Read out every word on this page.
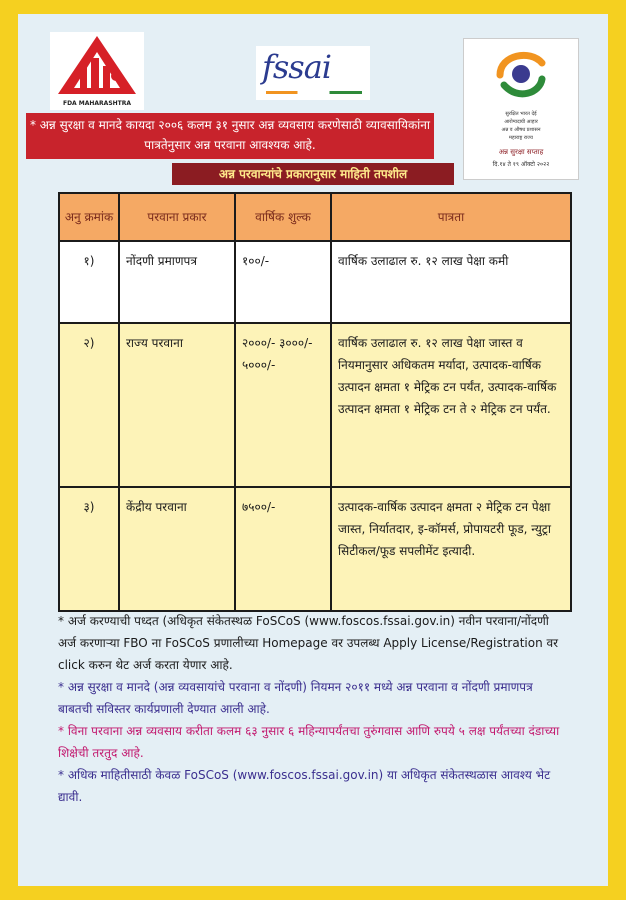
FDA MAHARASHTRA
fssai
सुरक्षित भारत देई
आरोग्यदायी आहार
अन्न व औषध प्रशासन
महाराष्ट्र राज्य
अन्न सुरक्षा सप्ताह
दि.१४ ते १९ ऑक्टो २०२२
* अन्न सुरक्षा व मानदे कायदा २००६ कलम ३१ नुसार अन्न व्यवसाय करणेसाठी व्यावसायिकांना पात्रतेनुसार अन्न परवाना आवश्यक आहे.
अन्न परवान्यांचे प्रकारानुसार माहिती तपशील
अनु क्रमांक	परवाना प्रकार	वार्षिक शुल्क	पात्रता
१)	नोंदणी प्रमाणपत्र	१००/-	वार्षिक उलाढाल रु. १२ लाख पेक्षा कमी
२)	राज्य परवाना	२०००/- ३०००/- ५०००/-	वार्षिक उलाढाल रु. १२ लाख पेक्षा जास्त व नियमानुसार अधिकतम मर्यादा, उत्पादक-वार्षिक उत्पादन क्षमता १ मेट्रिक टन पर्यंत, उत्पादक-वार्षिक उत्पादन क्षमता १ मेट्रिक टन ते २ मेट्रिक टन पर्यंत.
३)	केंद्रीय परवाना	७५००/-	उत्पादक-वार्षिक उत्पादन क्षमता २ मेट्रिक टन पेक्षा जास्त, निर्यातदार, इ-कॉमर्स, प्रोपायटरी फूड, न्युट्रा सिटीकल/फूड सपलीमेंट इत्यादी.

* अर्ज करण्याची पध्दत (अधिकृत संकेतस्थळ FoSCoS (www.foscos.fssai.gov.in) नवीन परवाना/नोंदणी अर्ज करणाऱ्या FBO ना FoSCoS प्रणालीच्या Homepage वर उपलब्ध Apply License/Registration वर click करुन थेट अर्ज करता येणार आहे.

* अन्न सुरक्षा व मानदे (अन्न व्यवसायांचे परवाना व नोंदणी) नियमन २०११ मध्ये अन्न परवाना व नोंदणी प्रमाणपत्र बाबतची सविस्तर कार्यप्रणाली देण्यात आली आहे.

* विना परवाना अन्न व्यवसाय करीता कलम ६३ नुसार ६ महिन्यापर्यंतचा तुरुंगवास आणि रुपये ५ लक्ष पर्यंतच्या दंडाच्या शिक्षेची तरतुद आहे.

* अधिक माहितीसाठी केवळ FoSCoS (www.foscos.fssai.gov.in) या अधिकृत संकेतस्थळास आवश्य भेट द्यावी.
